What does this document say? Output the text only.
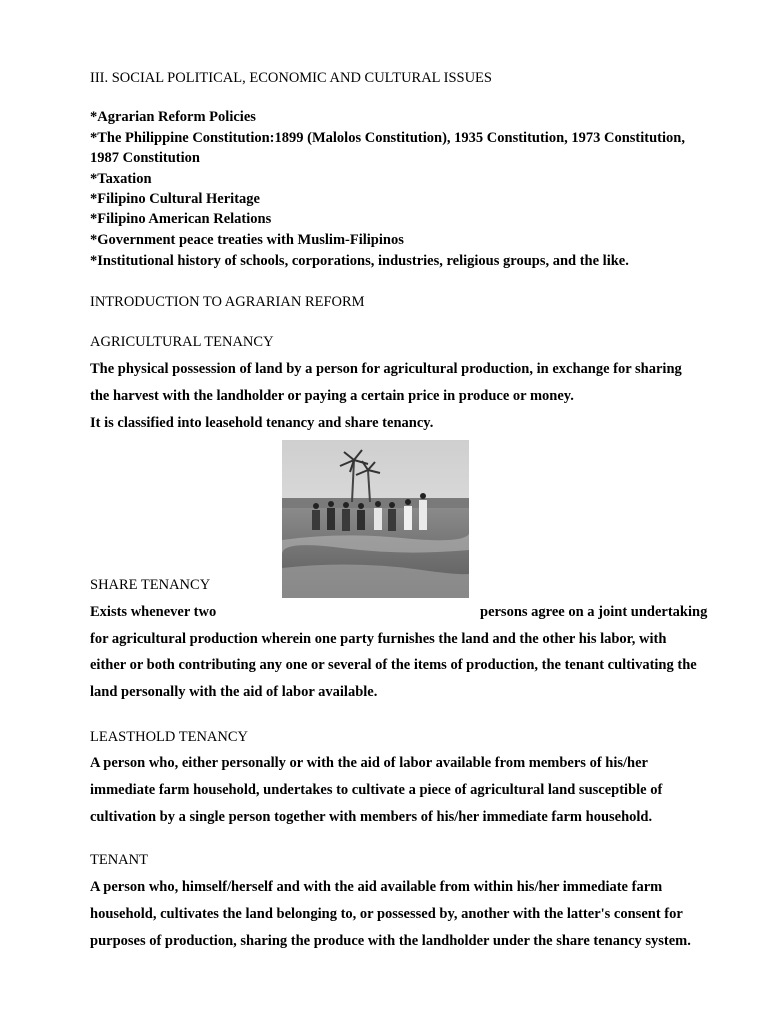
III. SOCIAL POLITICAL, ECONOMIC AND CULTURAL ISSUES
*Agrarian Reform Policies
*The Philippine Constitution:1899 (Malolos Constitution), 1935 Constitution, 1973 Constitution,
1987 Constitution
*Taxation
*Filipino Cultural Heritage
*Filipino American Relations
*Government peace treaties with Muslim-Filipinos
*Institutional history of schools, corporations, industries, religious groups, and the like.
INTRODUCTION TO AGRARIAN REFORM
AGRICULTURAL TENANCY
The physical possession of land by a person for agricultural production, in exchange for sharing
the harvest with the landholder or paying a certain price in produce or money.
It is classified into leasehold tenancy and share tenancy.
SHARE TENANCY
Exists whenever two	persons agree on a joint undertaking
for agricultural production wherein one party furnishes the land and the other his labor, with
either or both contributing any one or several of the items of production, the tenant cultivating the
land personally with the aid of labor available.
LEASTHOLD TENANCY
A person who, either personally or with the aid of labor available from members of his/her
immediate farm household, undertakes to cultivate a piece of agricultural land susceptible of
cultivation by a single person together with members of his/her immediate farm household.
TENANT
A person who, himself/herself and with the aid available from within his/her immediate farm
household, cultivates the land belonging to, or possessed by, another with the latter's consent for
purposes of production, sharing the produce with the landholder under the share tenancy system.
